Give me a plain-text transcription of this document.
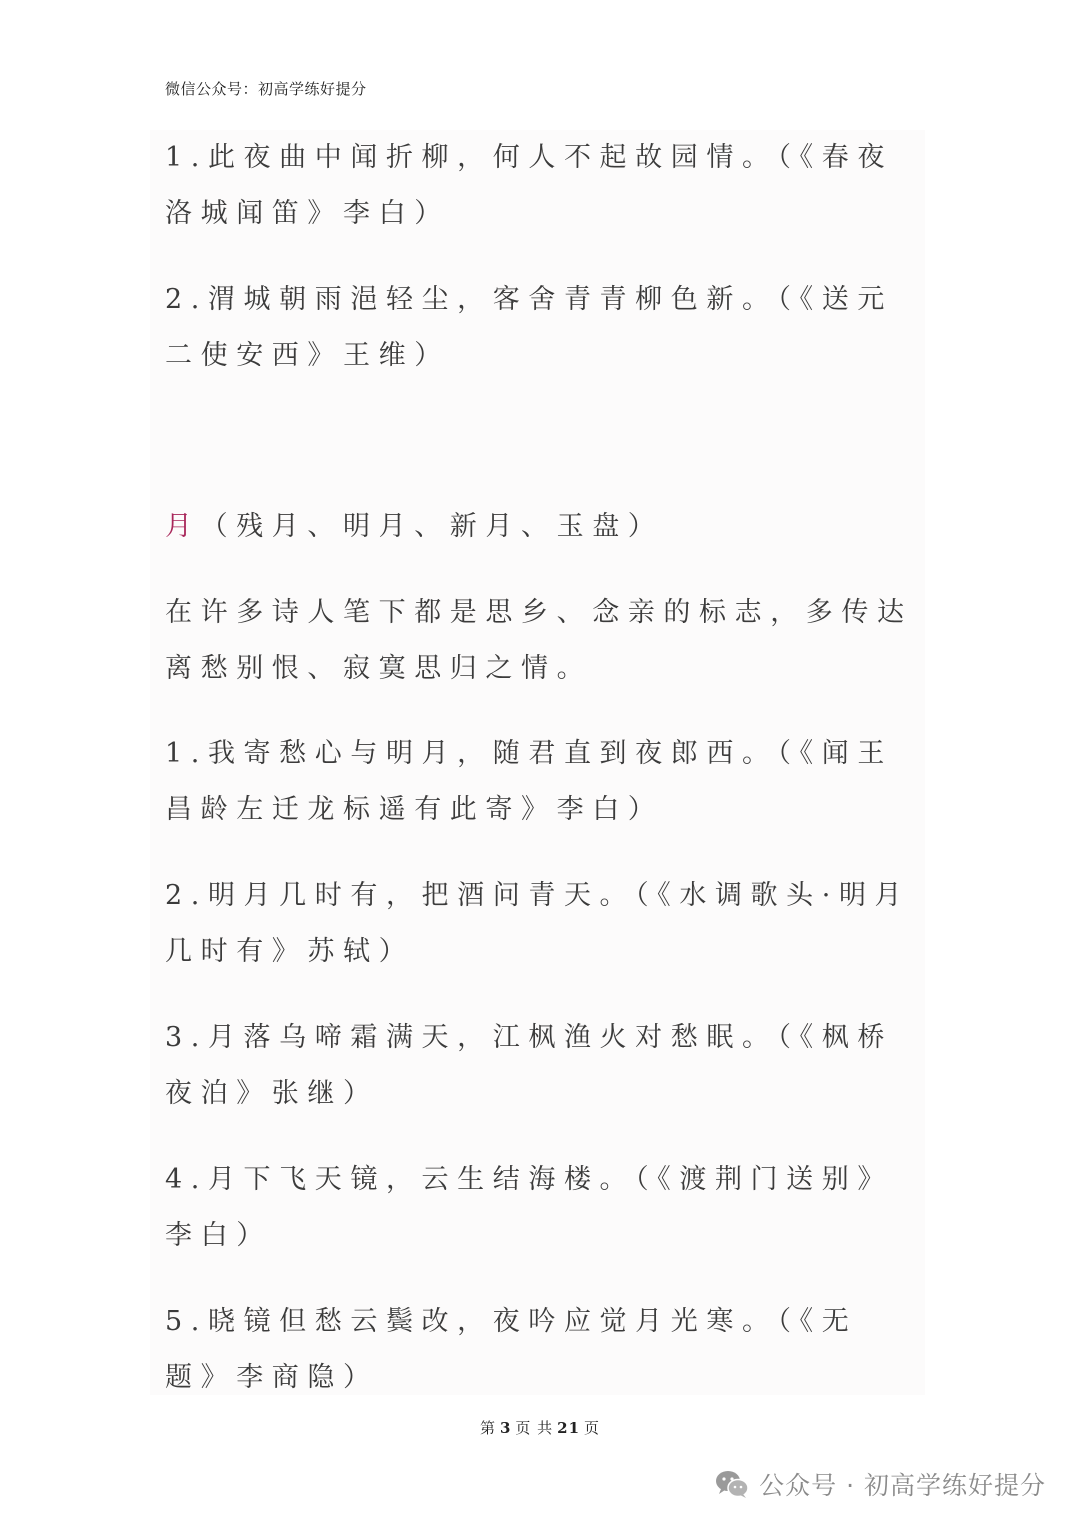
微信公众号：初高学练好提分

1.此夜曲中闻折柳，何人不起故园情。（《春夜洛城闻笛》李白）

2.渭城朝雨浥轻尘，客舍青青柳色新。（《送元二使安西》王维）

月（残月、明月、新月、玉盘）

在许多诗人笔下都是思乡、念亲的标志，多传达离愁别恨、寂寞思归之情。

1.我寄愁心与明月，随君直到夜郎西。（《闻王昌龄左迁龙标遥有此寄》李白）

2.明月几时有，把酒问青天。（《水调歌头·明月几时有》苏轼）

3.月落乌啼霜满天，江枫渔火对愁眠。（《枫桥夜泊》张继）

4.月下飞天镜，云生结海楼。（《渡荆门送别》李白）

5.晓镜但愁云鬓改，夜吟应觉月光寒。（《无题》李商隐）

第 3 页 共 21 页
公众号 · 初高学练好提分
